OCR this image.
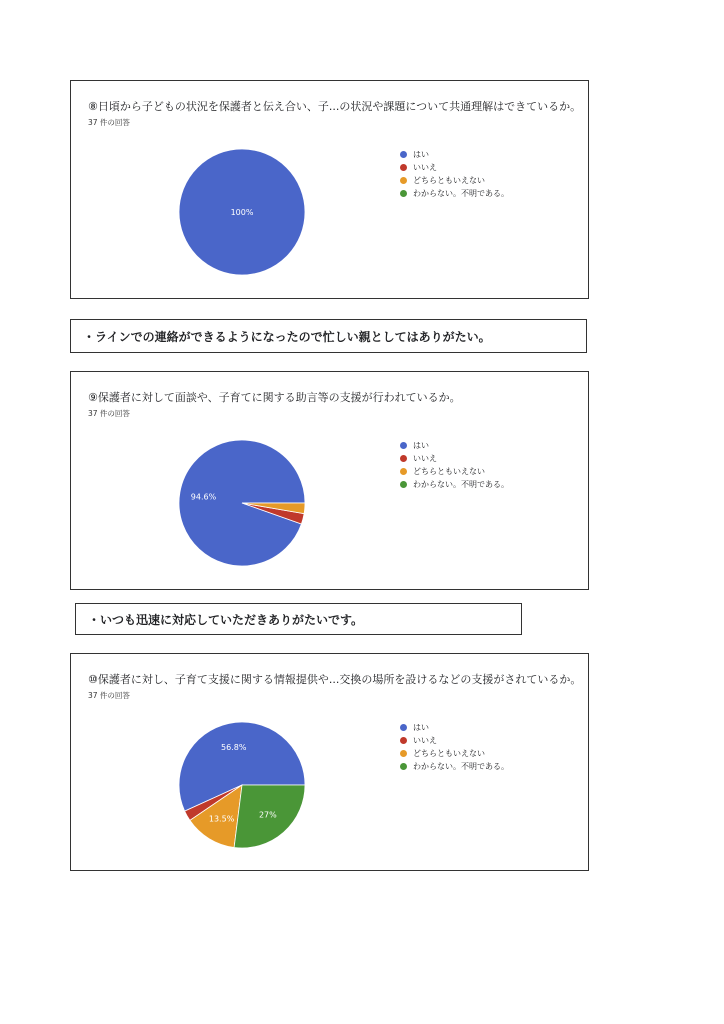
⑧日頃から子どもの状況を保護者と伝え合い、子...の状況や課題について共通理解はできているか。
37 件の回答
100%
はい
いいえ
どちらともいえない
わからない。不明である。
・ラインでの連絡ができるようになったので忙しい親としてはありがたい。
⑨保護者に対して面談や、子育てに関する助言等の支援が行われているか。
37 件の回答
94.6%
はい
いいえ
どちらともいえない
わからない。不明である。
・いつも迅速に対応していただきありがたいです。
⑩保護者に対し、子育て支援に関する情報提供や...交換の場所を設けるなどの支援がされているか。
37 件の回答
56.8%
13.5%	27%
はい
いいえ
どちらともいえない
わからない。不明である。
